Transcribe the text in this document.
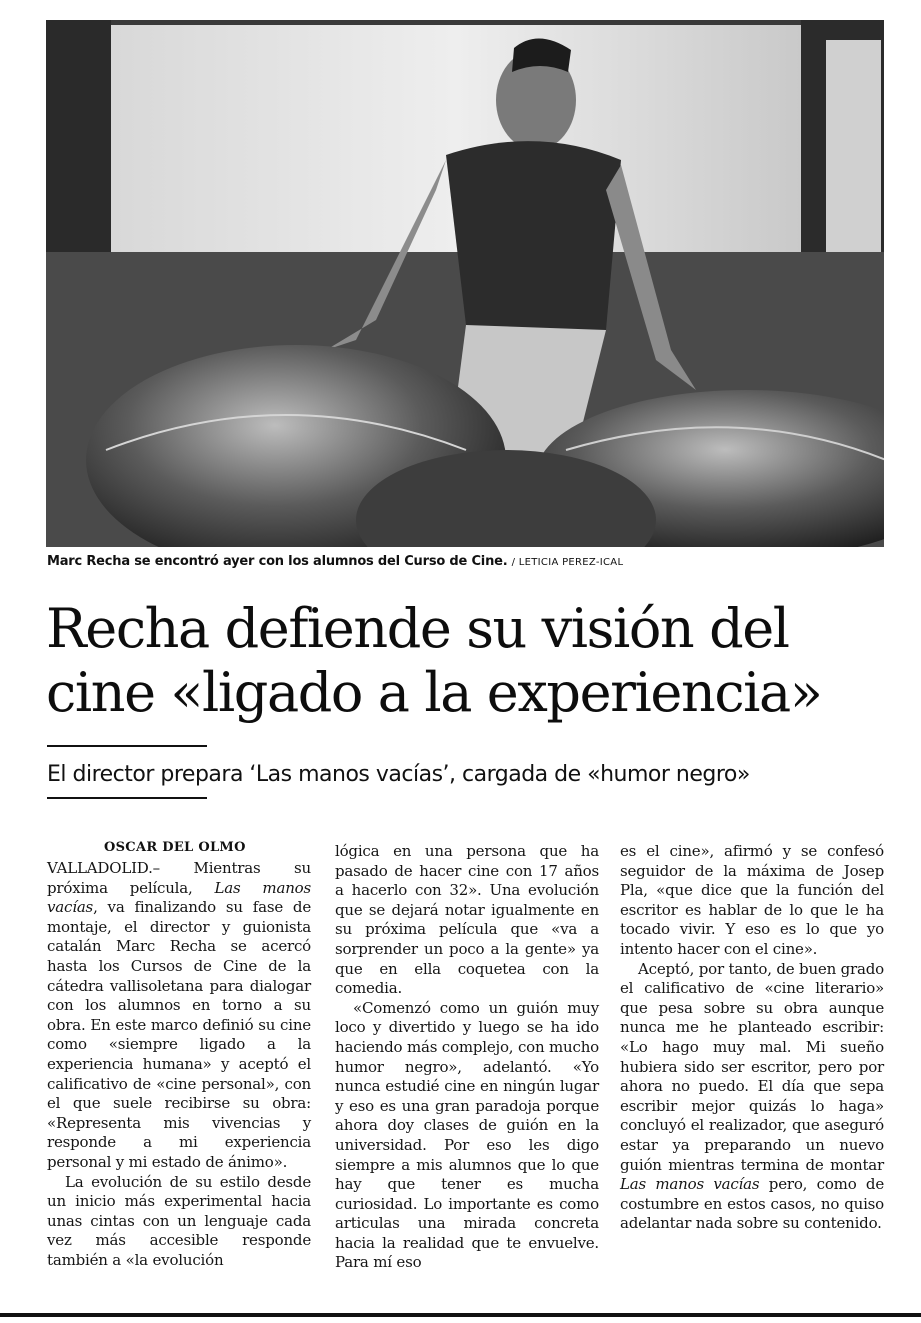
Marc Recha se encontró ayer con los alumnos del Curso de Cine. / LETICIA PEREZ-ICAL
Recha defiende su visión del
cine «ligado a la experiencia»
El director prepara ‘Las manos vacías’, cargada de «humor negro»
OSCAR DEL OLMO

VALLADOLID.– Mientras su próxima película, Las manos vacías, va finalizando su fase de montaje, el director y guionista catalán Marc Recha se acercó hasta los Cursos de Cine de la cátedra vallisoletana para dialogar con los alumnos en torno a su obra. En este marco definió su cine como «siempre ligado a la experiencia humana» y aceptó el calificativo de «cine personal», con el que suele recibirse su obra: «Representa mis vivencias y responde a mi experiencia personal y mi estado de ánimo».

La evolución de su estilo desde un inicio más experimental hacia unas cintas con un lenguaje cada vez más accesible responde también a «la evolución

lógica en una persona que ha pasado de hacer cine con 17 años a hacerlo con 32». Una evolución que se dejará notar igualmente en su próxima película que «va a sorprender un poco a la gente» ya que en ella coquetea con la comedia.

«Comenzó como un guión muy loco y divertido y luego se ha ido haciendo más complejo, con mucho humor negro», adelantó. «Yo nunca estudié cine en ningún lugar y eso es una gran paradoja porque ahora doy clases de guión en la universidad. Por eso les digo siempre a mis alumnos que lo que hay que tener es mucha curiosidad. Lo importante es como articulas una mirada concreta hacia la realidad que te envuelve. Para mí eso

es el cine», afirmó y se confesó seguidor de la máxima de Josep Pla, «que dice que la función del escritor es hablar de lo que le ha tocado vivir. Y eso es lo que yo intento hacer con el cine».

Aceptó, por tanto, de buen grado el calificativo de «cine literario» que pesa sobre su obra aunque nunca me he planteado escribir: «Lo hago muy mal. Mi sueño hubiera sido ser escritor, pero por ahora no puedo. El día que sepa escribir mejor quizás lo haga» concluyó el realizador, que aseguró estar ya preparando un nuevo guión mientras termina de montar Las manos vacías pero, como de costumbre en estos casos, no quiso adelantar nada sobre su contenido.
